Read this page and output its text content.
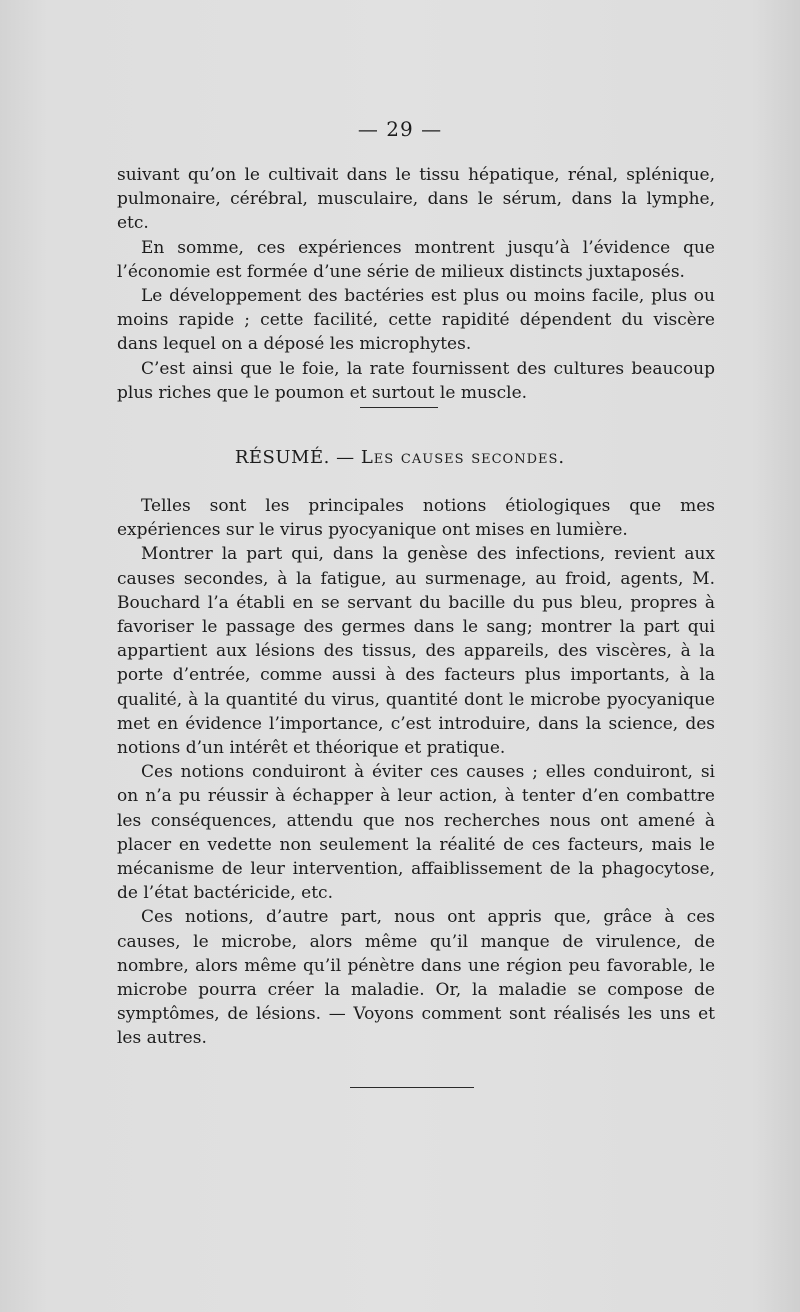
— 29 —

suivant qu’on le cultivait dans le tissu hépatique, rénal, splénique, pulmonaire, cérébral, musculaire, dans le sérum, dans la lymphe, etc.

En somme, ces expériences montrent jusqu’à l’évidence que l’économie est formée d’une série de milieux distincts juxtaposés.

Le développement des bactéries est plus ou moins facile, plus ou moins rapide ; cette facilité, cette rapidité dépendent du viscère dans lequel on a déposé les microphytes.

C’est ainsi que le foie, la rate fournissent des cultures beaucoup plus riches que le poumon et surtout le muscle.

RÉSUMÉ. — Les causes secondes.

Telles sont les principales notions étiologiques que mes expériences sur le virus pyocyanique ont mises en lumière.

Montrer la part qui, dans la genèse des infections, revient aux causes secondes, à la fatigue, au surmenage, au froid, agents, M. Bouchard l’a établi en se servant du bacille du pus bleu, propres à favoriser le passage des germes dans le sang; montrer la part qui appartient aux lésions des tissus, des appareils, des viscères, à la porte d’entrée, comme aussi à des facteurs plus importants, à la qualité, à la quantité du virus, quantité dont le microbe pyocyanique met en évidence l’importance, c’est introduire, dans la science, des notions d’un intérêt et théorique et pratique.

Ces notions conduiront à éviter ces causes ; elles conduiront, si on n’a pu réussir à échapper à leur action, à tenter d’en combattre les conséquences, attendu que nos recherches nous ont amené à placer en vedette non seulement la réalité de ces facteurs, mais le mécanisme de leur intervention, affaiblissement de la phagocytose, de l’état bactéricide, etc.

Ces notions, d’autre part, nous ont appris que, grâce à ces causes, le microbe, alors même qu’il manque de virulence, de nombre, alors même qu’il pénètre dans une région peu favorable, le microbe pourra créer la maladie. Or, la maladie se compose de symptômes, de lésions. — Voyons comment sont réalisés les uns et les autres.
